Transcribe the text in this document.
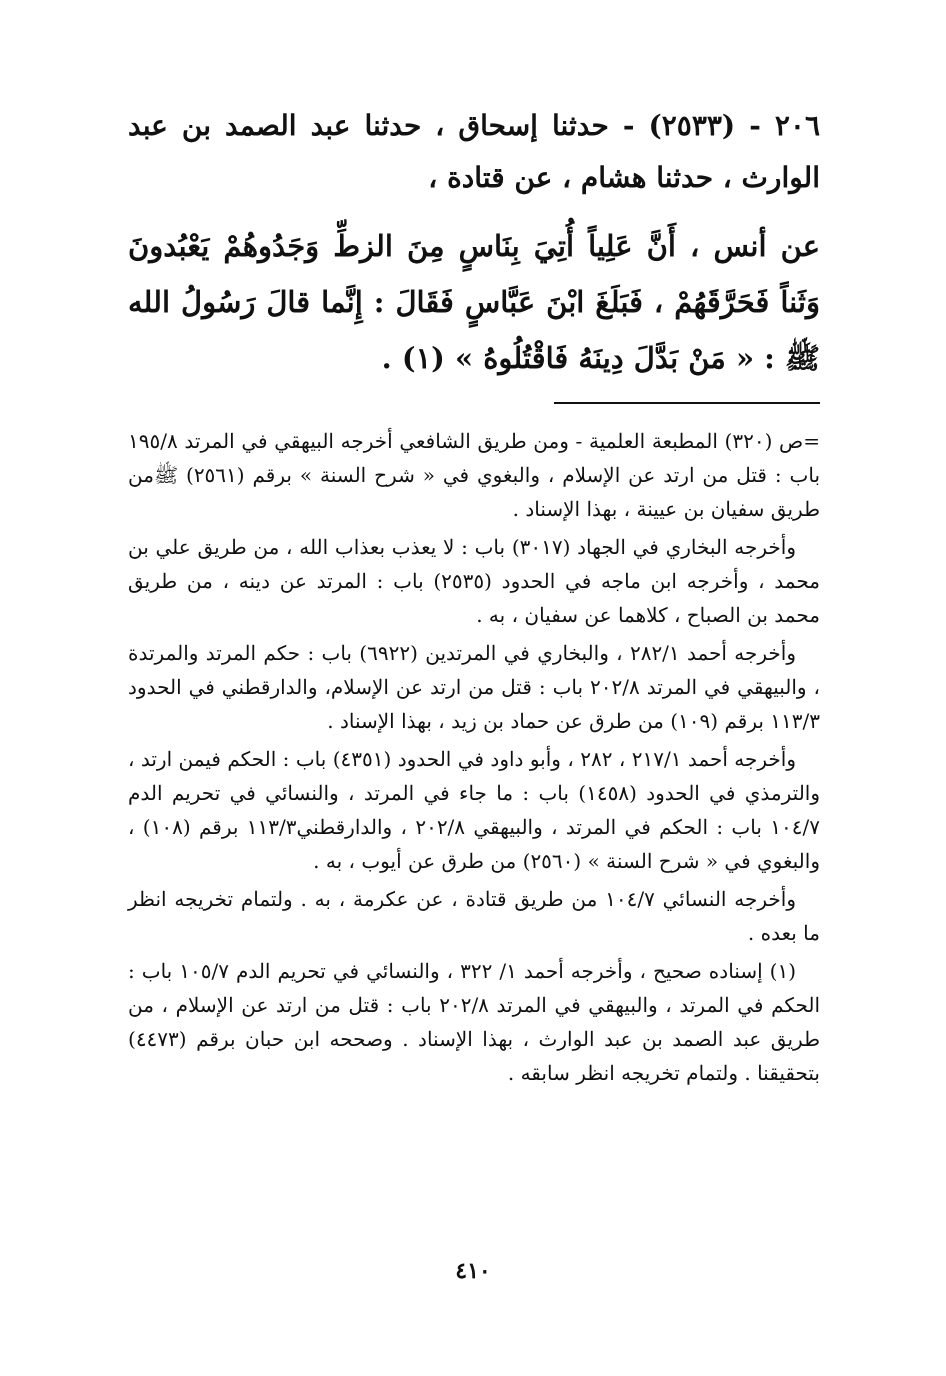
٢٠٦ - (٢٥٣٣) - حدثنا إسحاق ، حدثنا عبد الصمد بن عبد الوارث ، حدثنا هشام ، عن قتادة ،

عن أنس ، أَنَّ عَلِياً أُتِيَ بِنَاسٍ مِنَ الزطِّ وَجَدُوهُمْ يَعْبُدونَ وَثَناً فَحَرَّقَهُمْ ، فَبَلَغَ ابْنَ عَبَّاسٍ فَقَالَ : إِنَّما قالَ رَسُولُ الله ﷺ : « مَنْ بَدَّلَ دِينَهُ فَاقْتُلُوهُ » (١) .

=ص (٣٢٠) المطبعة العلمية - ومن طريق الشافعي أخرجه البيهقي في المرتد ١٩٥/٨ باب : قتل من ارتد عن الإسلام ، والبغوي في « شرح السنة » برقم (٢٥٦١) ﷺمن طريق سفيان بن عيينة ، بهذا الإسناد .

وأخرجه البخاري في الجهاد (٣٠١٧) باب : لا يعذب بعذاب الله ، من طريق علي بن محمد ، وأخرجه ابن ماجه في الحدود (٢٥٣٥) باب : المرتد عن دينه ، من طريق محمد بن الصباح ، كلاهما عن سفيان ، به .

وأخرجه أحمد ٢٨٢/١ ، والبخاري في المرتدين (٦٩٢٢) باب : حكم المرتد والمرتدة ، والبيهقي في المرتد ٢٠٢/٨ باب : قتل من ارتد عن الإسلام، والدارقطني في الحدود ١١٣/٣ برقم (١٠٩) من طرق عن حماد بن زيد ، بهذا الإسناد .

وأخرجه أحمد ٢١٧/١ ، ٢٨٢ ، وأبو داود في الحدود (٤٣٥١) باب : الحكم فيمن ارتد ، والترمذي في الحدود (١٤٥٨) باب : ما جاء في المرتد ، والنسائي في تحريم الدم ١٠٤/٧ باب : الحكم في المرتد ، والبيهقي ٢٠٢/٨ ، والدارقطني١١٣/٣ برقم (١٠٨) ، والبغوي في « شرح السنة » (٢٥٦٠) من طرق عن أيوب ، به .

وأخرجه النسائي ١٠٤/٧ من طريق قتادة ، عن عكرمة ، به . ولتمام تخريجه انظر ما بعده .

(١) إسناده صحيح ، وأخرجه أحمد ١/ ٣٢٢ ، والنسائي في تحريم الدم ١٠٥/٧ باب : الحكم في المرتد ، والبيهقي في المرتد ٢٠٢/٨ باب : قتل من ارتد عن الإسلام ، من طريق عبد الصمد بن عبد الوارث ، بهذا الإسناد . وصححه ابن حبان برقم (٤٤٧٣) بتحقيقنا . ولتمام تخريجه انظر سابقه .

٤١٠
